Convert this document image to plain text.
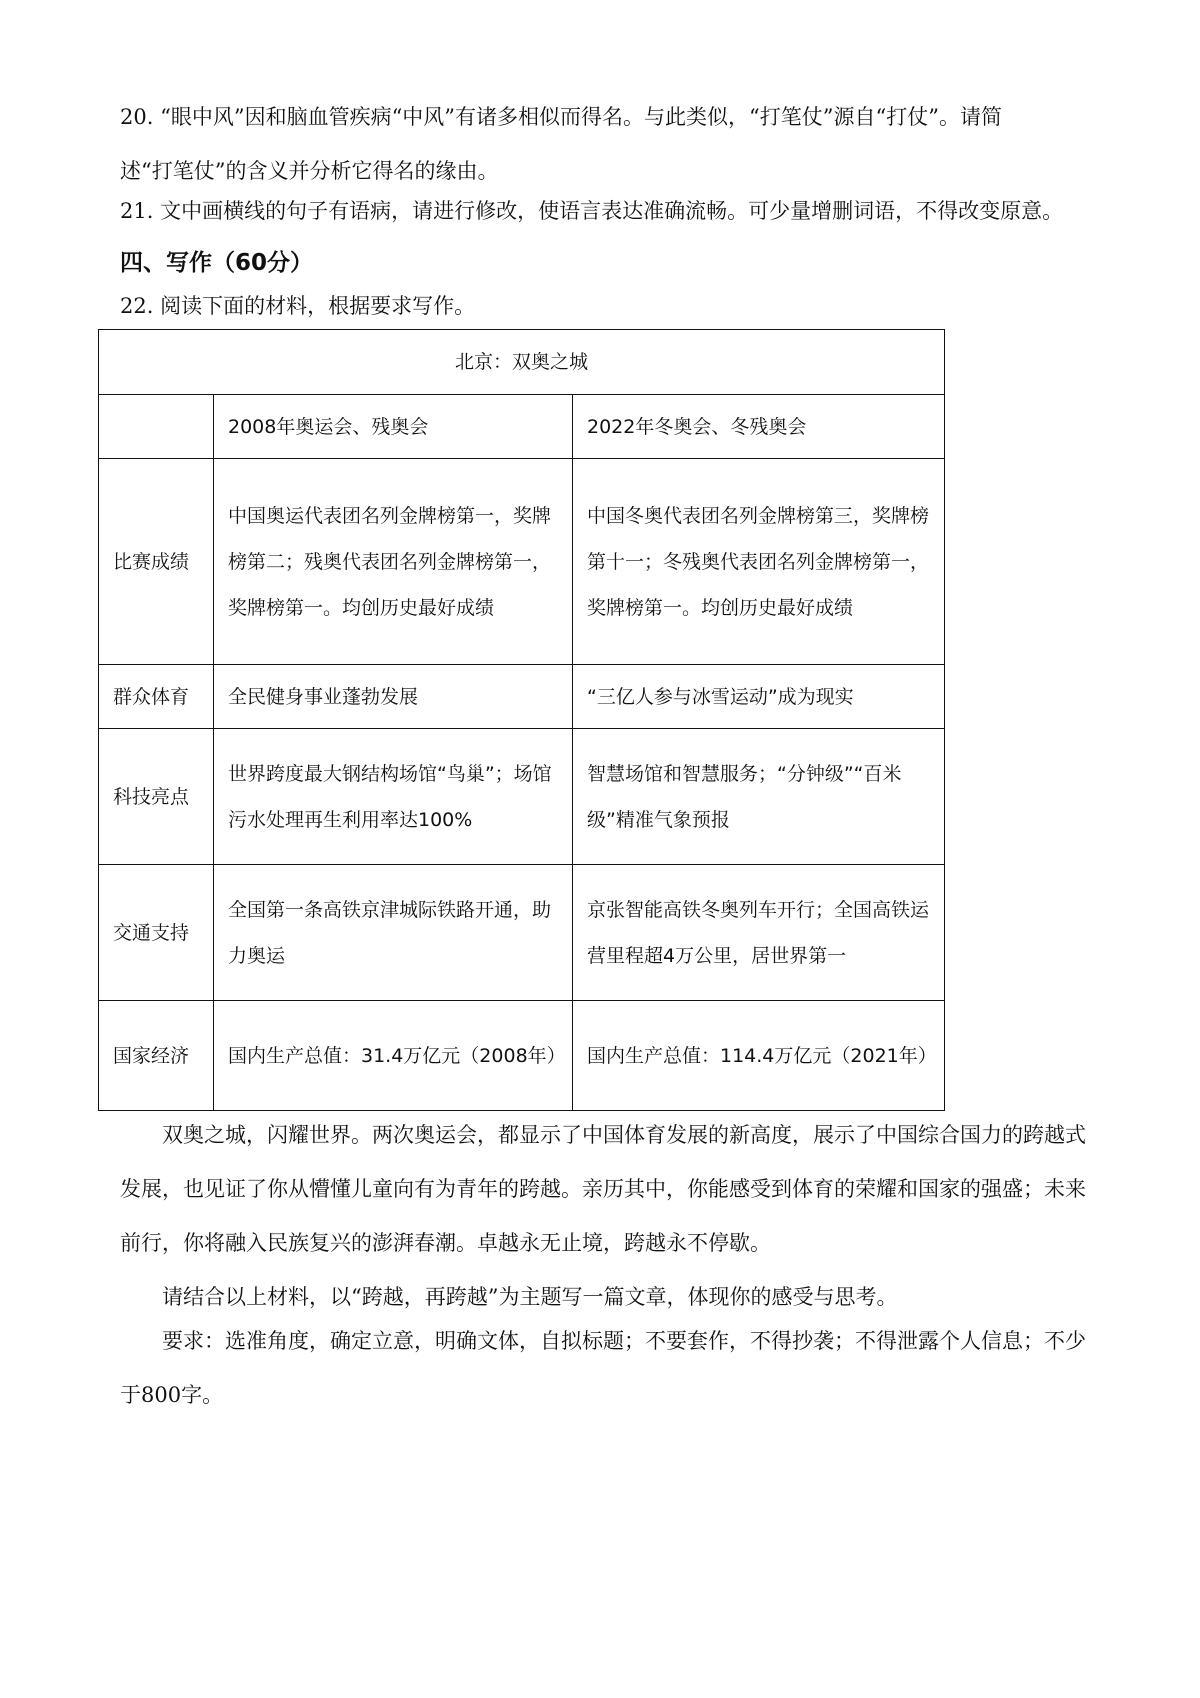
20. “眼中风”因和脑血管疾病“中风”有诸多相似而得名。与此类似，“打笔仗”源自“打仗”。请简
述“打笔仗”的含义并分析它得名的缘由。

21. 文中画横线的句子有语病，请进行修改，使语言表达准确流畅。可少量增删词语，不得改变原意。

四、写作（60分）

22. 阅读下面的材料，根据要求写作。

北京：双奥之城		
	2008年奥运会、残奥会	2022年冬奥会、冬残奥会
比赛成绩	中国奥运代表团名列金牌榜第一，奖牌榜第二；残奥代表团名列金牌榜第一，奖牌榜第一。均创历史最好成绩	中国冬奥代表团名列金牌榜第三，奖牌榜第十一；冬残奥代表团名列金牌榜第一，奖牌榜第一。均创历史最好成绩
群众体育	全民健身事业蓬勃发展	“三亿人参与冰雪运动”成为现实
科技亮点	世界跨度最大钢结构场馆“鸟巢”；场馆污水处理再生利用率达100%	智慧场馆和智慧服务；“分钟级”“百米级”精准气象预报
交通支持	全国第一条高铁京津城际铁路开通，助力奥运	京张智能高铁冬奥列车开行；全国高铁运营里程超4万公里，居世界第一
国家经济	国内生产总值：31.4万亿元（2008年）	国内生产总值：114.4万亿元（2021年）

双奥之城，闪耀世界。两次奥运会，都显示了中国体育发展的新高度，展示了中国综合国力的跨越式发展，也见证了你从懵懂儿童向有为青年的跨越。亲历其中，你能感受到体育的荣耀和国家的强盛；未来前行，你将融入民族复兴的澎湃春潮。卓越永无止境，跨越永不停歇。

请结合以上材料，以“跨越，再跨越”为主题写一篇文章，体现你的感受与思考。

要求：选准角度，确定立意，明确文体，自拟标题；不要套作，不得抄袭；不得泄露个人信息；不少于800字。
